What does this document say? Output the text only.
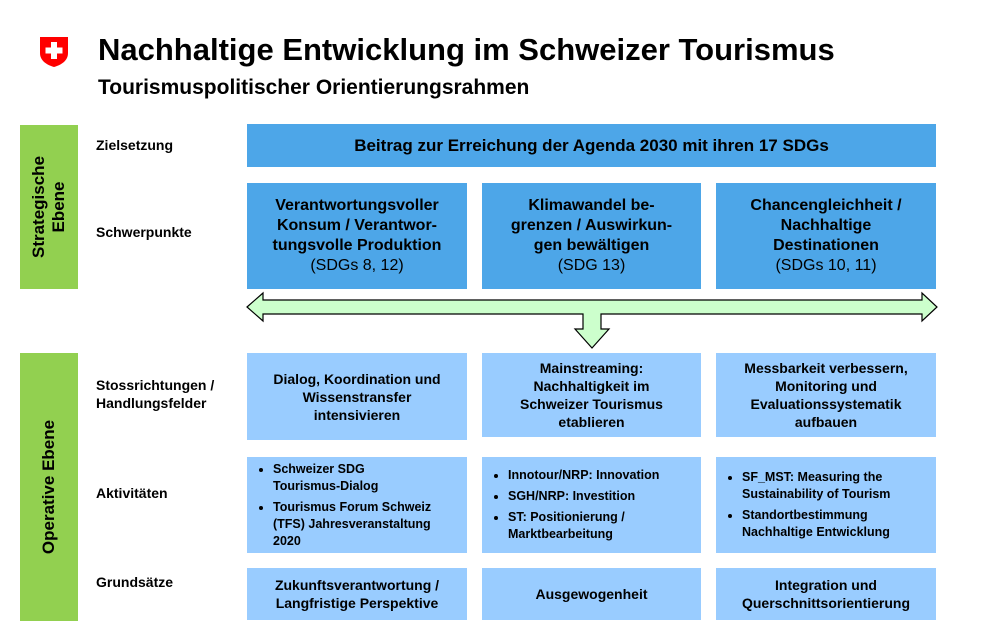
Nachhaltige Entwicklung im Schweizer Tourismus
Tourismuspolitischer Orientierungsrahmen
Strategische
Ebene
Operative Ebene
Zielsetzung
Schwerpunkte
Stossrichtungen /
Handlungsfelder
Aktivitäten
Grundsätze
Beitrag zur Erreichung der Agenda 2030 mit ihren 17 SDGs
Verantwortungsvoller
Konsum / Verantwor-
tungsvolle Produktion
(SDGs 8, 12)
Klimawandel be-
grenzen / Auswirkun-
gen bewältigen
(SDG 13)
Chancengleichheit /
Nachhaltige
Destinationen
(SDGs 10, 11)
Dialog, Koordination und
Wissenstransfer
intensivieren
Mainstreaming:
Nachhaltigkeit im
Schweizer Tourismus
etablieren
Messbarkeit verbessern,
Monitoring und
Evaluationssystematik
aufbauen
• Schweizer SDG
Tourismus-Dialog
• Tourismus Forum Schweiz
(TFS) Jahresveranstaltung
2020
• Innotour/NRP: Innovation
• SGH/NRP: Investition
• ST: Positionierung /
Marktbearbeitung
• SF_MST: Measuring the
Sustainability of Tourism
• Standortbestimmung
Nachhaltige Entwicklung
Zukunftsverantwortung /
Langfristige Perspektive
Ausgewogenheit
Integration und
Querschnittsorientierung
